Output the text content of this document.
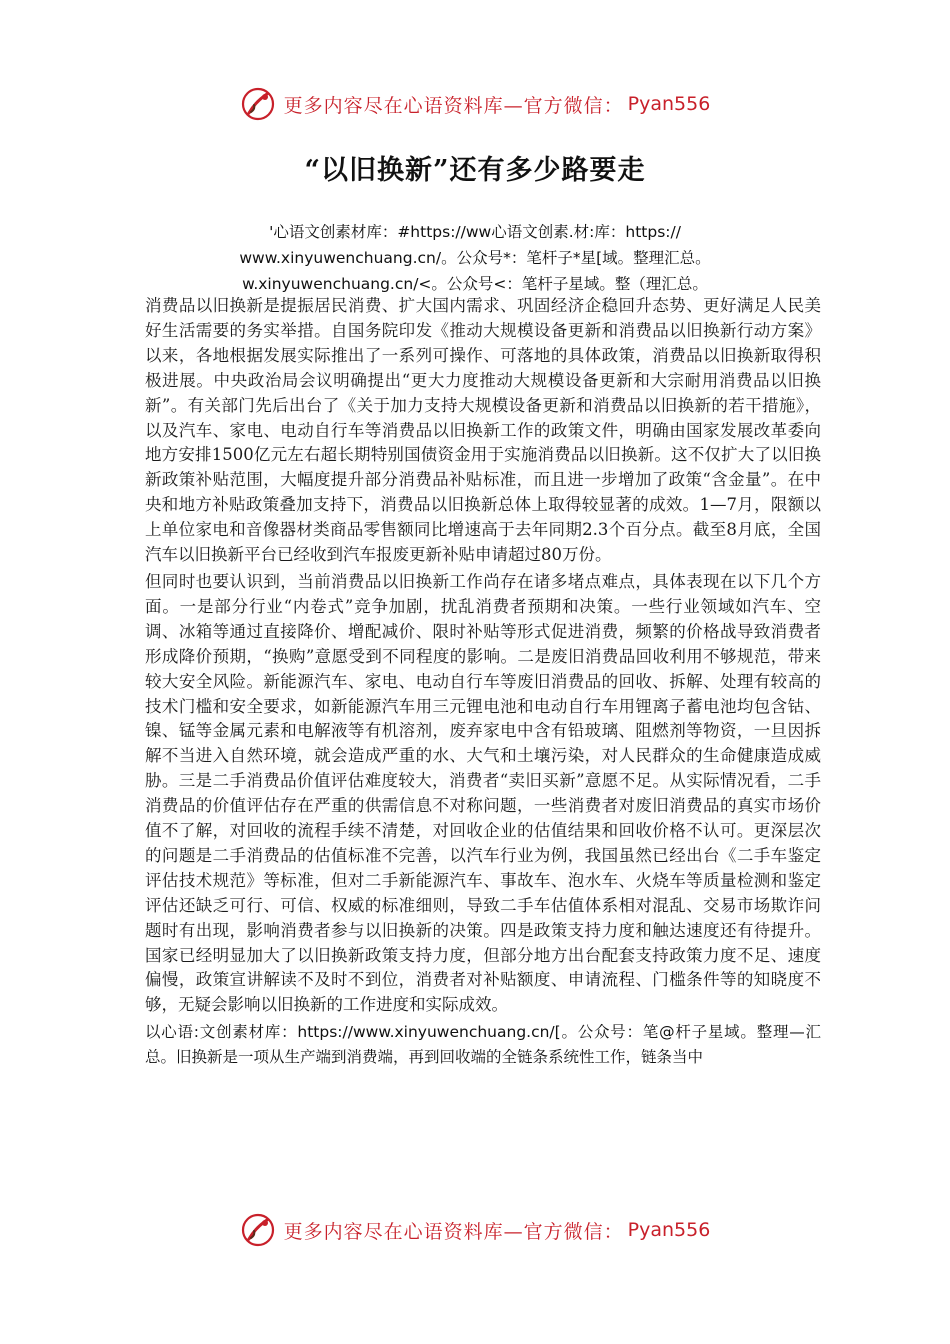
更多内容尽在心语资料库—官方微信： Pyan556
“以旧换新”还有多少路要走
'心语文创素材库：#https://ww心语文创素.材:库：https://
www.xinyuwenchuang.cn/。公众号*：笔杆子*星[域。整理汇总。
w.xinyuwenchuang.cn/<。公众号<：笔杆子星域。整（理汇总。

消费品以旧换新是提振居民消费、扩大国内需求、巩固经济企稳回升态势、更好满足人民美好生活需要的务实举措。自国务院印发《推动大规模设备更新和消费品以旧换新行动方案》以来，各地根据发展实际推出了一系列可操作、可落地的具体政策，消费品以旧换新取得积极进展。中央政治局会议明确提出“更大力度推动大规模设备更新和大宗耐用消费品以旧换新”。有关部门先后出台了《关于加力支持大规模设备更新和消费品以旧换新的若干措施》，以及汽车、家电、电动自行车等消费品以旧换新工作的政策文件，明确由国家发展改革委向地方安排1500亿元左右超长期特别国债资金用于实施消费品以旧换新。这不仅扩大了以旧换新政策补贴范围，大幅度提升部分消费品补贴标准，而且进一步增加了政策“含金量”。在中央和地方补贴政策叠加支持下，消费品以旧换新总体上取得较显著的成效。1—7月，限额以上单位家电和音像器材类商品零售额同比增速高于去年同期2.3个百分点。截至8月底，全国汽车以旧换新平台已经收到汽车报废更新补贴申请超过80万份。

但同时也要认识到，当前消费品以旧换新工作尚存在诸多堵点难点，具体表现在以下几个方面。一是部分行业“内卷式”竞争加剧，扰乱消费者预期和决策。一些行业领域如汽车、空调、冰箱等通过直接降价、增配减价、限时补贴等形式促进消费，频繁的价格战导致消费者形成降价预期，“换购”意愿受到不同程度的影响。二是废旧消费品回收利用不够规范，带来较大安全风险。新能源汽车、家电、电动自行车等废旧消费品的回收、拆解、处理有较高的技术门槛和安全要求，如新能源汽车用三元锂电池和电动自行车用锂离子蓄电池均包含钴、镍、锰等金属元素和电解液等有机溶剂，废弃家电中含有铅玻璃、阻燃剂等物资，一旦因拆解不当进入自然环境，就会造成严重的水、大气和土壤污染，对人民群众的生命健康造成威胁。三是二手消费品价值评估难度较大，消费者“卖旧买新”意愿不足。从实际情况看，二手消费品的价值评估存在严重的供需信息不对称问题，一些消费者对废旧消费品的真实市场价值不了解，对回收的流程手续不清楚，对回收企业的估值结果和回收价格不认可。更深层次的问题是二手消费品的估值标准不完善，以汽车行业为例，我国虽然已经出台《二手车鉴定评估技术规范》等标准，但对二手新能源汽车、事故车、泡水车、火烧车等质量检测和鉴定评估还缺乏可行、可信、权威的标准细则，导致二手车估值体系相对混乱、交易市场欺诈问题时有出现，影响消费者参与以旧换新的决策。四是政策支持力度和触达速度还有待提升。国家已经明显加大了以旧换新政策支持力度，但部分地方出台配套支持政策力度不足、速度偏慢，政策宣讲解读不及时不到位，消费者对补贴额度、申请流程、门槛条件等的知晓度不够，无疑会影响以旧换新的工作进度和实际成效。

以心语:文创素材库：https://www.xinyuwenchuang.cn/[。公众号：笔@杆子星域。整理—汇总。旧换新是一项从生产端到消费端，再到回收端的全链条系统性工作，链条当中
更多内容尽在心语资料库—官方微信： Pyan556
